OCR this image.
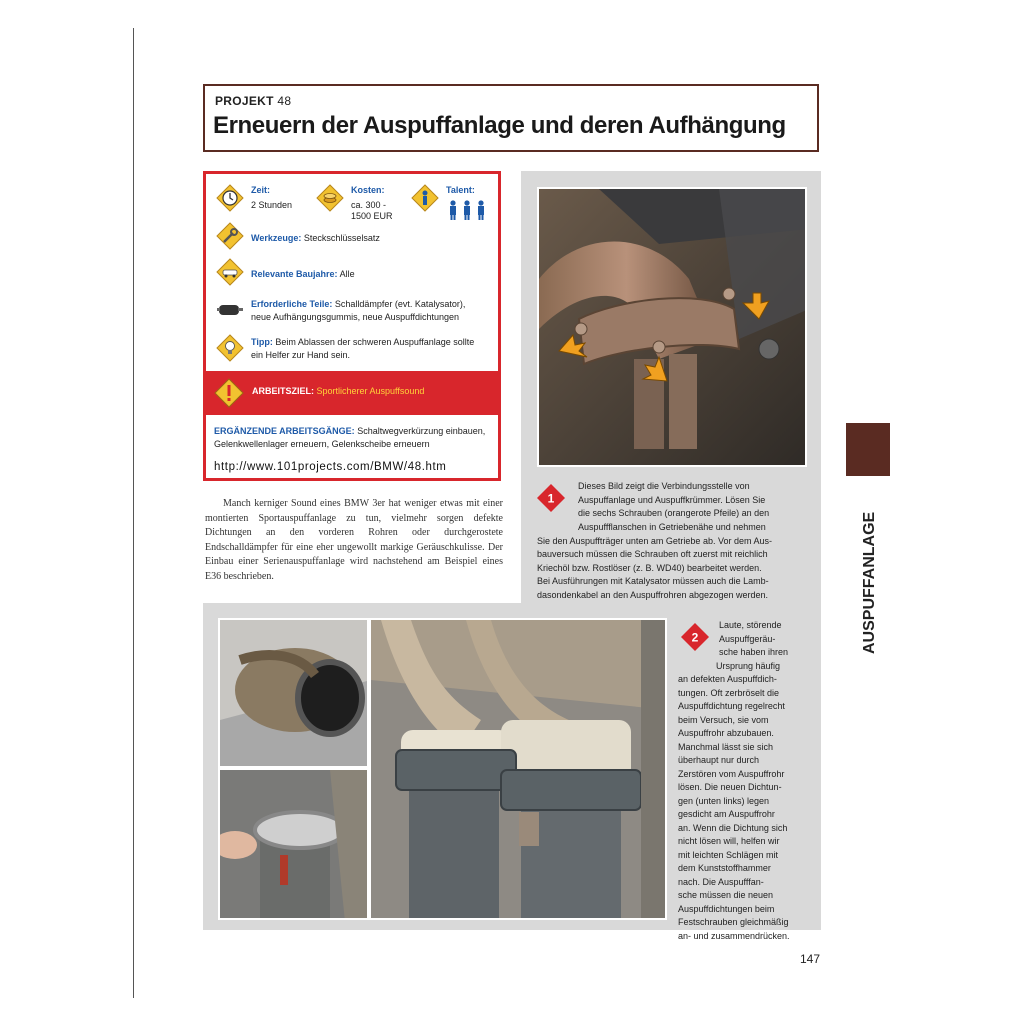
PROJEKT 48
Erneuern der Auspuffanlage und deren Aufhängung
Zeit:
2 Stunden
Kosten:
ca. 300 -
1500 EUR
Talent:
Werkzeuge: Steckschlüsselsatz
Relevante Baujahre: Alle
Erforderliche Teile: Schalldämpfer (evt. Katalysator),
neue Aufhängungsgummis, neue Auspuffdichtungen
Tipp: Beim Ablassen der schweren Auspuffanlage sollte
ein Helfer zur Hand sein.
ARBEITSZIEL: Sportlicherer Auspuffsound
ERGÄNZENDE ARBEITSGÄNGE: Schaltwegverkürzung einbauen,
Gelenkwellenlager erneuern, Gelenkscheibe erneuern
http://www.101projects.com/BMW/48.htm
Manch kerniger Sound eines BMW 3er hat weniger etwas mit einer montierten Sportauspuffanlage zu tun, vielmehr sorgen defekte Dichtungen an den vorderen Rohren oder durchgerostete Endschalldämpfer für eine eher ungewollt markige Geräuschkulisse. Der Einbau einer Serienauspuffanlage wird nachstehend am Beispiel eines E36 beschrieben.
1
Dieses Bild zeigt die Verbindungsstelle von
Auspuffanlage und Auspuffkrümmer. Lösen Sie
die sechs Schrauben (orangerote Pfeile) an den
Auspuffflanschen in Getriebenähe und nehmen
Sie den Auspuffträger unten am Getriebe ab. Vor dem Aus-
bauversuch müssen die Schrauben oft zuerst mit reichlich
Kriechöl bzw. Rostlöser (z. B. WD40) bearbeitet werden.
Bei Ausführungen mit Katalysator müssen auch die Lamb-
dasondenkabel an den Auspuffrohren abgezogen werden.
2
Laute, störende
Auspuffgeräu-
sche haben ihren
Ursprung häufig
an defekten Auspuffdich-
tungen. Oft zerbröselt die
Auspuffdichtung regelrecht
beim Versuch, sie vom
Auspuffrohr abzubauen.
Manchmal lässt sie sich
überhaupt nur durch
Zerstören vom Auspuffrohr
lösen. Die neuen Dichtun-
gen (unten links) legen
gesdicht am Auspuffrohr
an. Wenn die Dichtung sich
nicht lösen will, helfen wir
mit leichten Schlägen mit
dem Kunststoffhammer
nach. Die Auspufffan-
sche müssen die neuen
Auspuffdichtungen beim
Festschrauben gleichmäßig
an- und zusammendrücken.
AUSPUFFANLAGE
147
